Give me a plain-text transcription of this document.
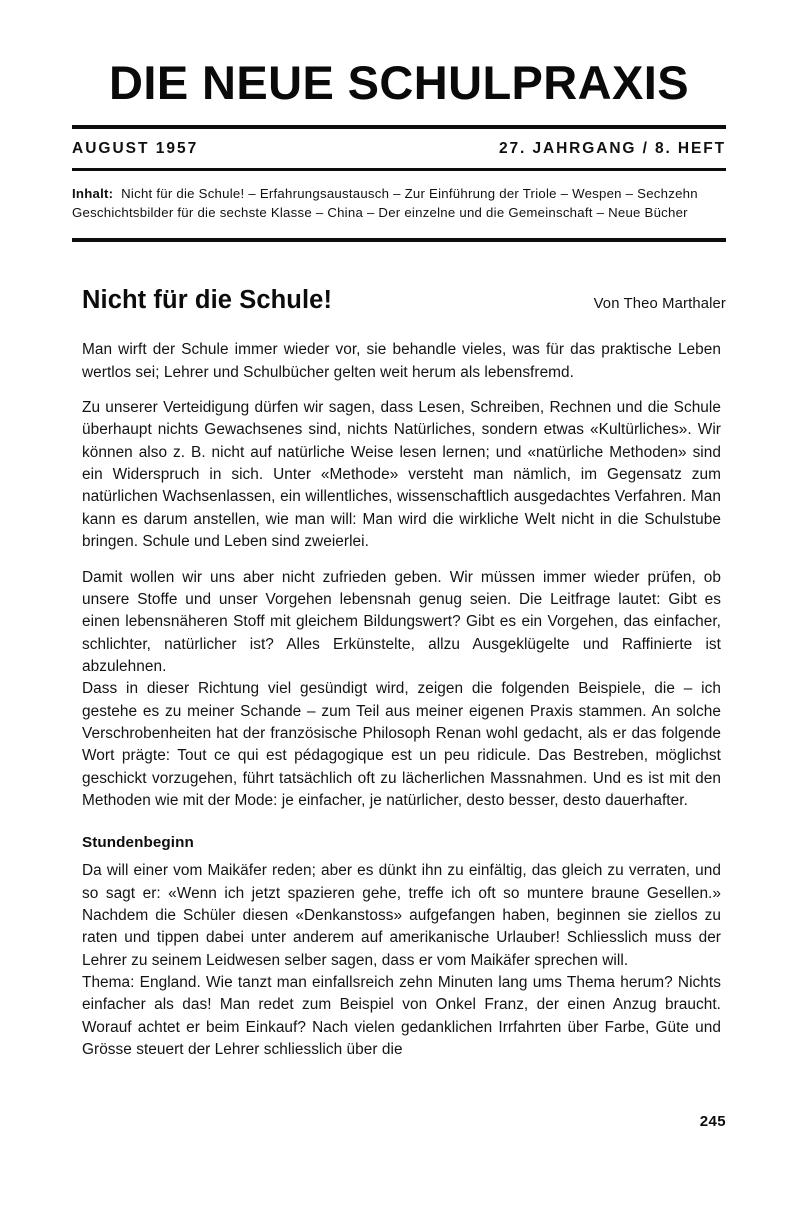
DIE NEUE SCHULPRAXIS
AUGUST 1957	27. JAHRGANG / 8. HEFT
Inhalt: Nicht für die Schule! – Erfahrungsaustausch – Zur Einführung der Triole – Wespen – Sechzehn Geschichtsbilder für die sechste Klasse – China – Der einzelne und die Gemeinschaft – Neue Bücher
Nicht für die Schule!	Von Theo Marthaler

Man wirft der Schule immer wieder vor, sie behandle vieles, was für das praktische Leben wertlos sei; Lehrer und Schulbücher gelten weit herum als lebensfremd.

Zu unserer Verteidigung dürfen wir sagen, dass Lesen, Schreiben, Rechnen und die Schule überhaupt nichts Gewachsenes sind, nichts Natürliches, sondern etwas «Kultürliches». Wir können also z. B. nicht auf natürliche Weise lesen lernen; und «natürliche Methoden» sind ein Widerspruch in sich. Unter «Methode» versteht man nämlich, im Gegensatz zum natürlichen Wachsenlassen, ein willentliches, wissenschaftlich ausgedachtes Verfahren. Man kann es darum anstellen, wie man will: Man wird die wirkliche Welt nicht in die Schulstube bringen. Schule und Leben sind zweierlei.

Damit wollen wir uns aber nicht zufrieden geben. Wir müssen immer wieder prüfen, ob unsere Stoffe und unser Vorgehen lebensnah genug seien. Die Leitfrage lautet: Gibt es einen lebensnäheren Stoff mit gleichem Bildungswert? Gibt es ein Vorgehen, das einfacher, schlichter, natürlicher ist? Alles Erkünstelte, allzu Ausgeklügelte und Raffinierte ist abzulehnen.

Dass in dieser Richtung viel gesündigt wird, zeigen die folgenden Beispiele, die – ich gestehe es zu meiner Schande – zum Teil aus meiner eigenen Praxis stammen. An solche Verschrobenheiten hat der französische Philosoph Renan wohl gedacht, als er das folgende Wort prägte: Tout ce qui est pédagogique est un peu ridicule. Das Bestreben, möglichst geschickt vorzugehen, führt tatsächlich oft zu lächerlichen Massnahmen. Und es ist mit den Methoden wie mit der Mode: je einfacher, je natürlicher, desto besser, desto dauerhafter.

Stundenbeginn

Da will einer vom Maikäfer reden; aber es dünkt ihn zu einfältig, das gleich zu verraten, und so sagt er: «Wenn ich jetzt spazieren gehe, treffe ich oft so muntere braune Gesellen.» Nachdem die Schüler diesen «Denkanstoss» aufgefangen haben, beginnen sie ziellos zu raten und tippen dabei unter anderem auf amerikanische Urlauber! Schliesslich muss der Lehrer zu seinem Leidwesen selber sagen, dass er vom Maikäfer sprechen will.

Thema: England. Wie tanzt man einfallsreich zehn Minuten lang ums Thema herum? Nichts einfacher als das! Man redet zum Beispiel von Onkel Franz, der einen Anzug braucht. Worauf achtet er beim Einkauf? Nach vielen gedanklichen Irrfahrten über Farbe, Güte und Grösse steuert der Lehrer schliesslich über die

245
